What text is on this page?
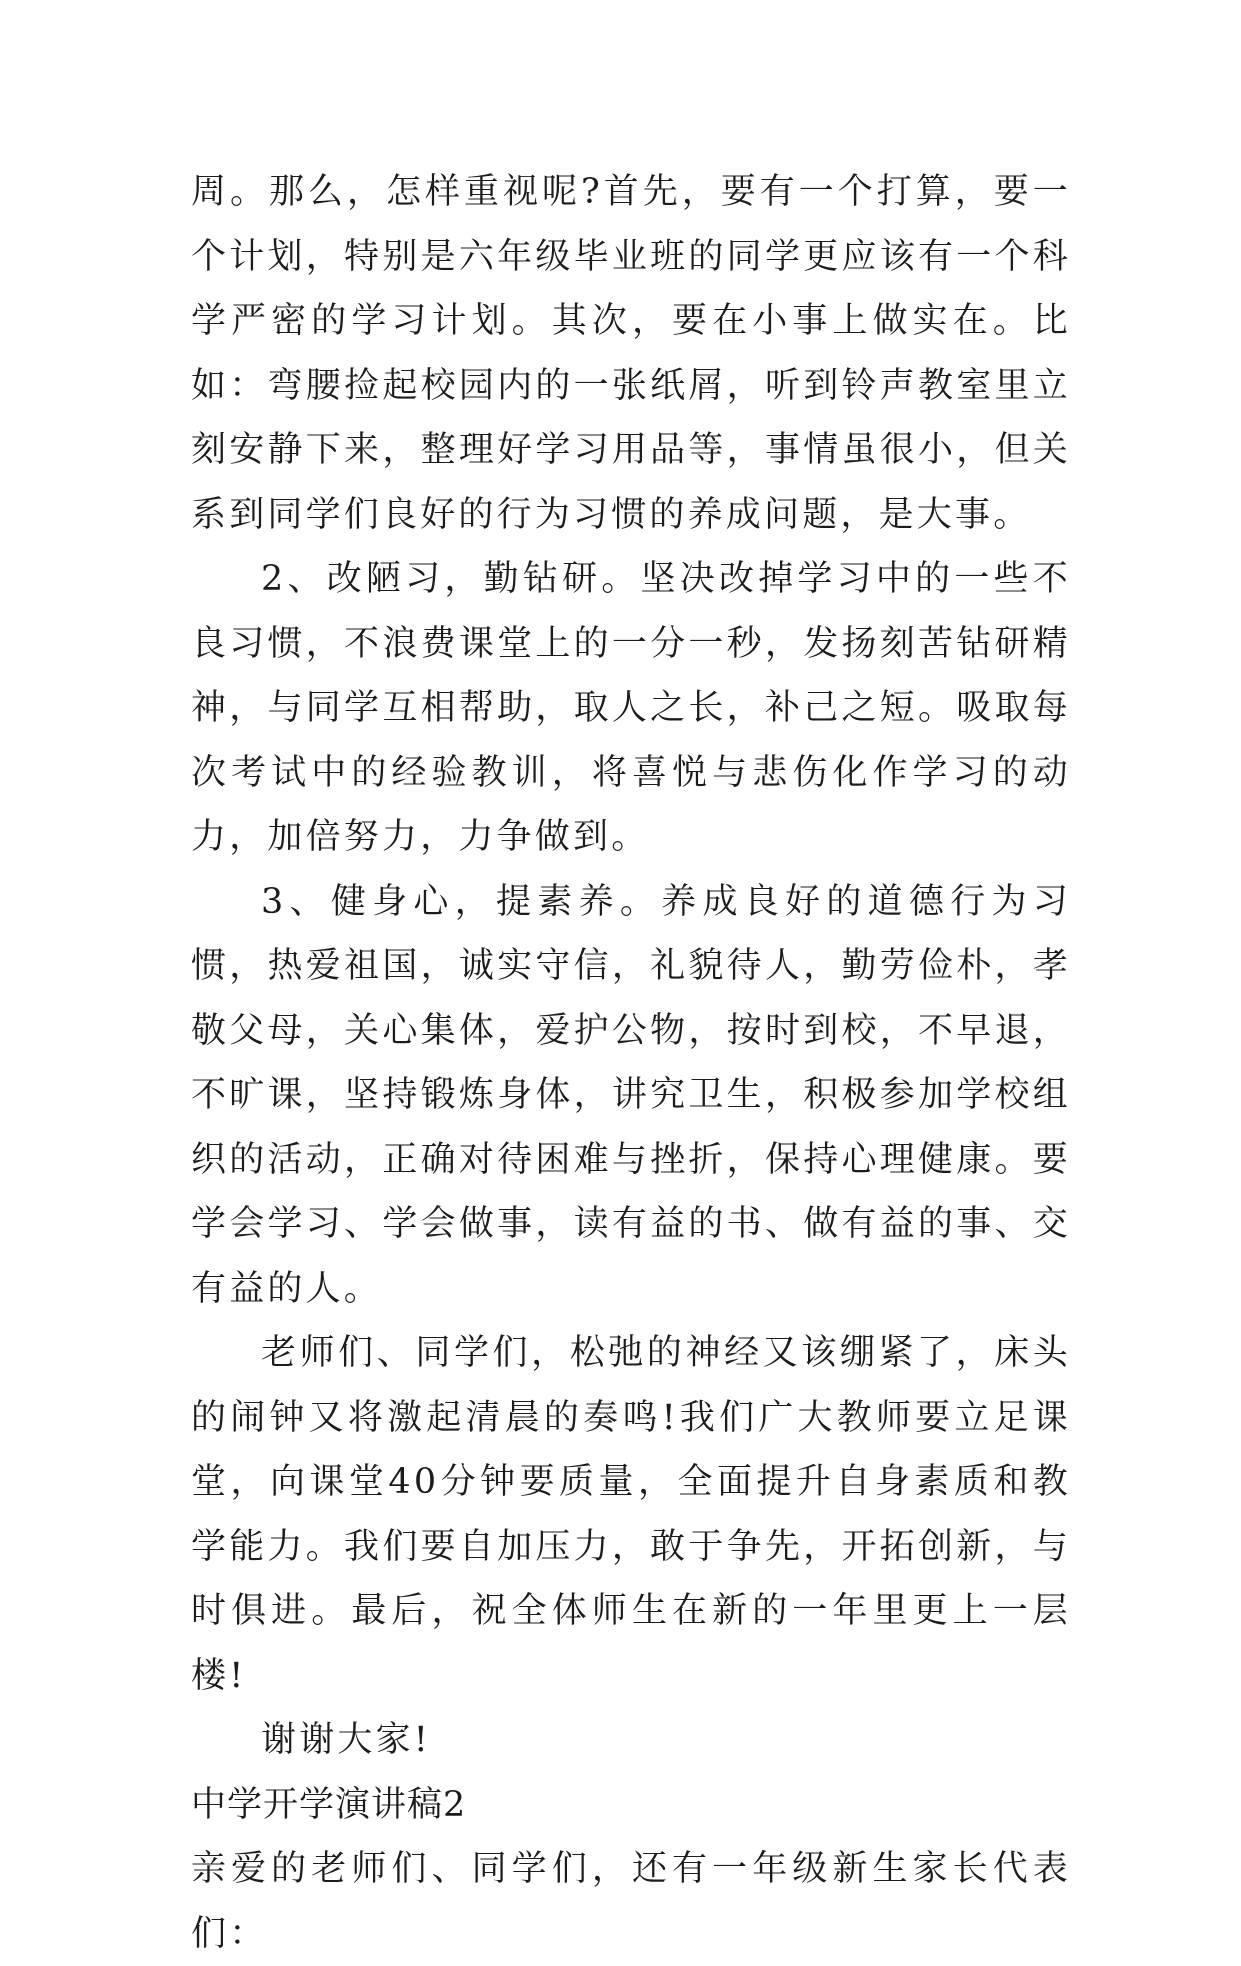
周。那么，怎样重视呢?首先，要有一个打算，要一个计划，特别是六年级毕业班的同学更应该有一个科学严密的学习计划。其次，要在小事上做实在。比如：弯腰捡起校园内的一张纸屑，听到铃声教室里立刻安静下来，整理好学习用品等，事情虽很小，但关系到同学们良好的行为习惯的养成问题，是大事。

2、改陋习，勤钻研。坚决改掉学习中的一些不良习惯，不浪费课堂上的一分一秒，发扬刻苦钻研精神，与同学互相帮助，取人之长，补己之短。吸取每次考试中的经验教训，将喜悦与悲伤化作学习的动力，加倍努力，力争做到。

3、健身心，提素养。养成良好的道德行为习惯，热爱祖国，诚实守信，礼貌待人，勤劳俭朴，孝敬父母，关心集体，爱护公物，按时到校，不早退，不旷课，坚持锻炼身体，讲究卫生，积极参加学校组织的活动，正确对待困难与挫折，保持心理健康。要学会学习、学会做事，读有益的书、做有益的事、交有益的人。

老师们、同学们，松弛的神经又该绷紧了，床头的闹钟又将激起清晨的奏鸣!我们广大教师要立足课堂，向课堂40分钟要质量，全面提升自身素质和教学能力。我们要自加压力，敢于争先，开拓创新，与时俱进。最后，祝全体师生在新的一年里更上一层楼!

谢谢大家!

中学开学演讲稿2

亲爱的老师们、同学们，还有一年级新生家长代表们：
